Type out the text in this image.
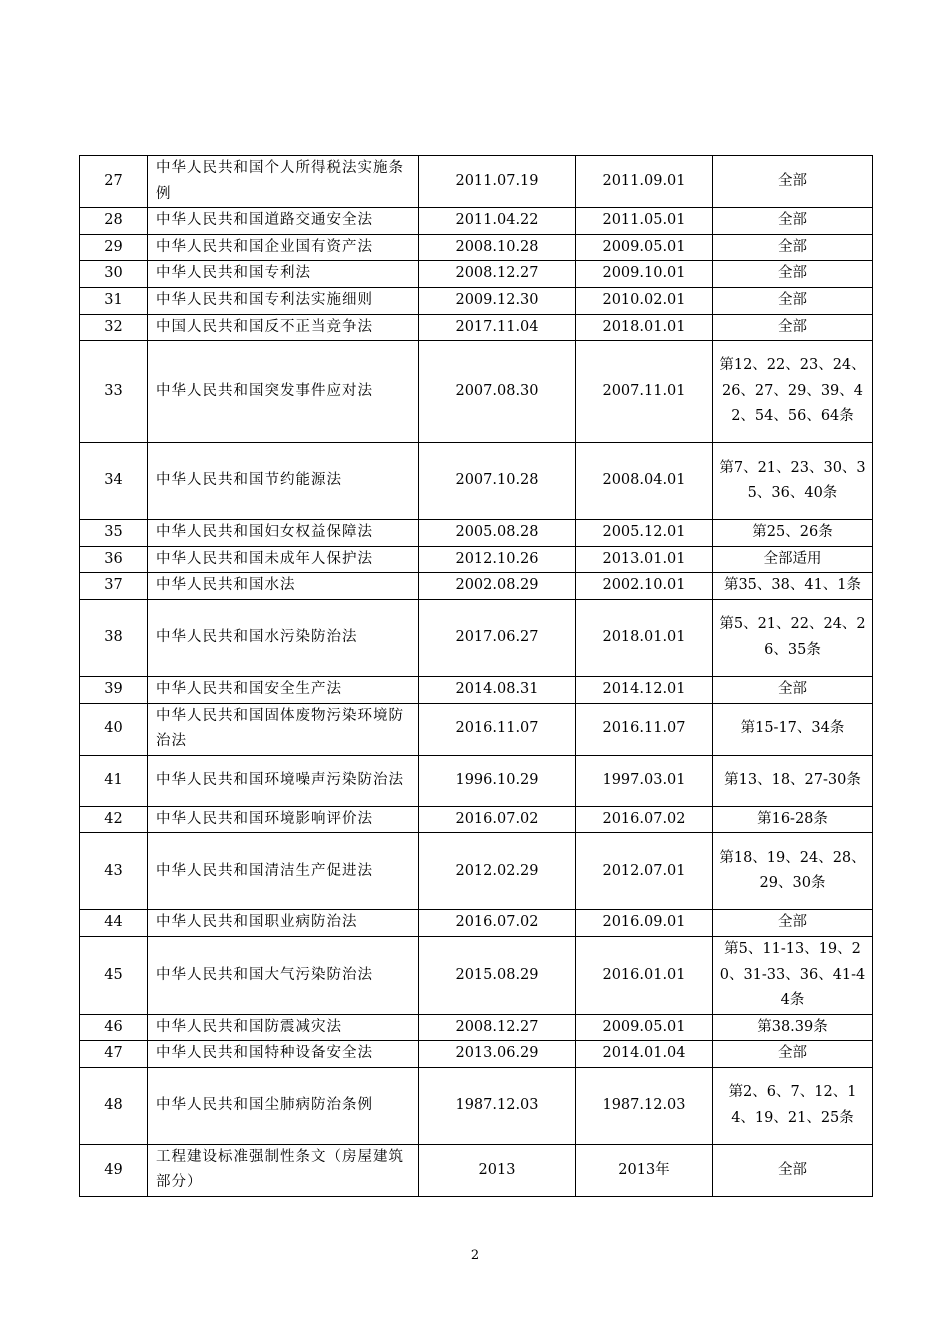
27	中华人民共和国个人所得税法实施条例	2011.07.19	2011.09.01	全部
28	中华人民共和国道路交通安全法	2011.04.22	2011.05.01	全部
29	中华人民共和国企业国有资产法	2008.10.28	2009.05.01	全部
30	中华人民共和国专利法	2008.12.27	2009.10.01	全部
31	中华人民共和国专利法实施细则	2009.12.30	2010.02.01	全部
32	中国人民共和国反不正当竞争法	2017.11.04	2018.01.01	全部
33	中华人民共和国突发事件应对法	2007.08.30	2007.11.01	第12、22、23、24、26、27、29、39、42、54、56、64条
34	中华人民共和国节约能源法	2007.10.28	2008.04.01	第7、21、23、30、35、36、40条
35	中华人民共和国妇女权益保障法	2005.08.28	2005.12.01	第25、26条
36	中华人民共和国未成年人保护法	2012.10.26	2013.01.01	全部适用
37	中华人民共和国水法	2002.08.29	2002.10.01	第35、38、41、1条
38	中华人民共和国水污染防治法	2017.06.27	2018.01.01	第5、21、22、24、26、35条
39	中华人民共和国安全生产法	2014.08.31	2014.12.01	全部
40	中华人民共和国固体废物污染环境防治法	2016.11.07	2016.11.07	第15-17、34条
41	中华人民共和国环境噪声污染防治法	1996.10.29	1997.03.01	第13、18、27-30条
42	中华人民共和国环境影响评价法	2016.07.02	2016.07.02	第16-28条
43	中华人民共和国清洁生产促进法	2012.02.29	2012.07.01	第18、19、24、28、29、30条
44	中华人民共和国职业病防治法	2016.07.02	2016.09.01	全部
45	中华人民共和国大气污染防治法	2015.08.29	2016.01.01	第5、11-13、19、20、31-33、36、41-44条
46	中华人民共和国防震减灾法	2008.12.27	2009.05.01	第38.39条
47	中华人民共和国特种设备安全法	2013.06.29	2014.01.04	全部
48	中华人民共和国尘肺病防治条例	1987.12.03	1987.12.03	第2、6、7、12、14、19、21、25条
49	工程建设标准强制性条文（房屋建筑部分）	2013	2013年	全部
2
